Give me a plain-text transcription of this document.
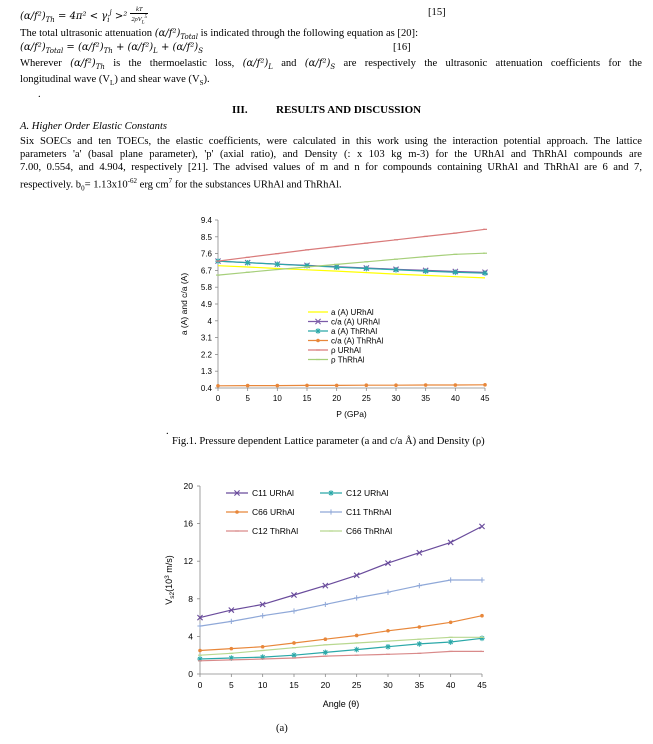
$(\alpha/f^2)_{Th} = 4\pi^2 < \gamma_i^j >^2 \frac{kT}{2\rho V_L^5}$	[15]
The total ultrasonic attenuation $(\alpha/f^2)_{Total}$ is indicated through the following equation as [20]:
$(\alpha/f^2)_{Total} = (\alpha/f^2)_{Th} + (\alpha/f^2)_L + (\alpha/f^2)_S$	[16]
Wherever $(\alpha/f^2)_{Th}$ is the thermoelastic loss, $(\alpha/f^2)_L$ and $(\alpha/f^2)_S$ are respectively the ultrasonic attenuation coefficients for the
longitudinal wave $(V_L)$ and shear wave $(V_S)$.
.
III.	RESULTS AND DISCUSSION
A. Higher Order Elastic Constants
Six SOECs and ten TOECs, the elastic coefficients, were calculated in this work using the interaction potential approach. The lattice
parameters 'a' (basal plane parameter), 'p' (axial ratio), and Density (: x 103 kg m-3) for the URhAl and ThRhAl compounds are
7.00, 0.554, and 4.904, respectively [21]. The advised values of m and n for compounds containing URhAl and ThRhAl are 6 and 7,
respectively. $b_0= 1.13x10^{-62}$ erg $cm^7$ for the substances URhAl and ThRhAl.
0.4
1.3
2.2
3.1
4
4.9
5.8
6.7
7.6
8.5
9.4
0	5	10	15	20	25	30	35	40	45
P (GPa)
a (A) and c/a (A)	a (A) URhAl
c/a (A) URhAl
a (A) ThRhAl
c/a (A) ThRhAl
ρ URhAl
ρ ThRhAl
.
Fig.1. Pressure dependent Lattice parameter (a and c/a Å) and Density (ρ)
0
4
8
12
16
20
0	5	10	15	20	25	30	35	40	45
Angle (θ)
$V_{s2}(10^3$ m/s)
C11 URhAl	C12 URhAl
C66 URhAl	C11 ThRhAl
C12 ThRhAl	C66 ThRhAl
(a)
